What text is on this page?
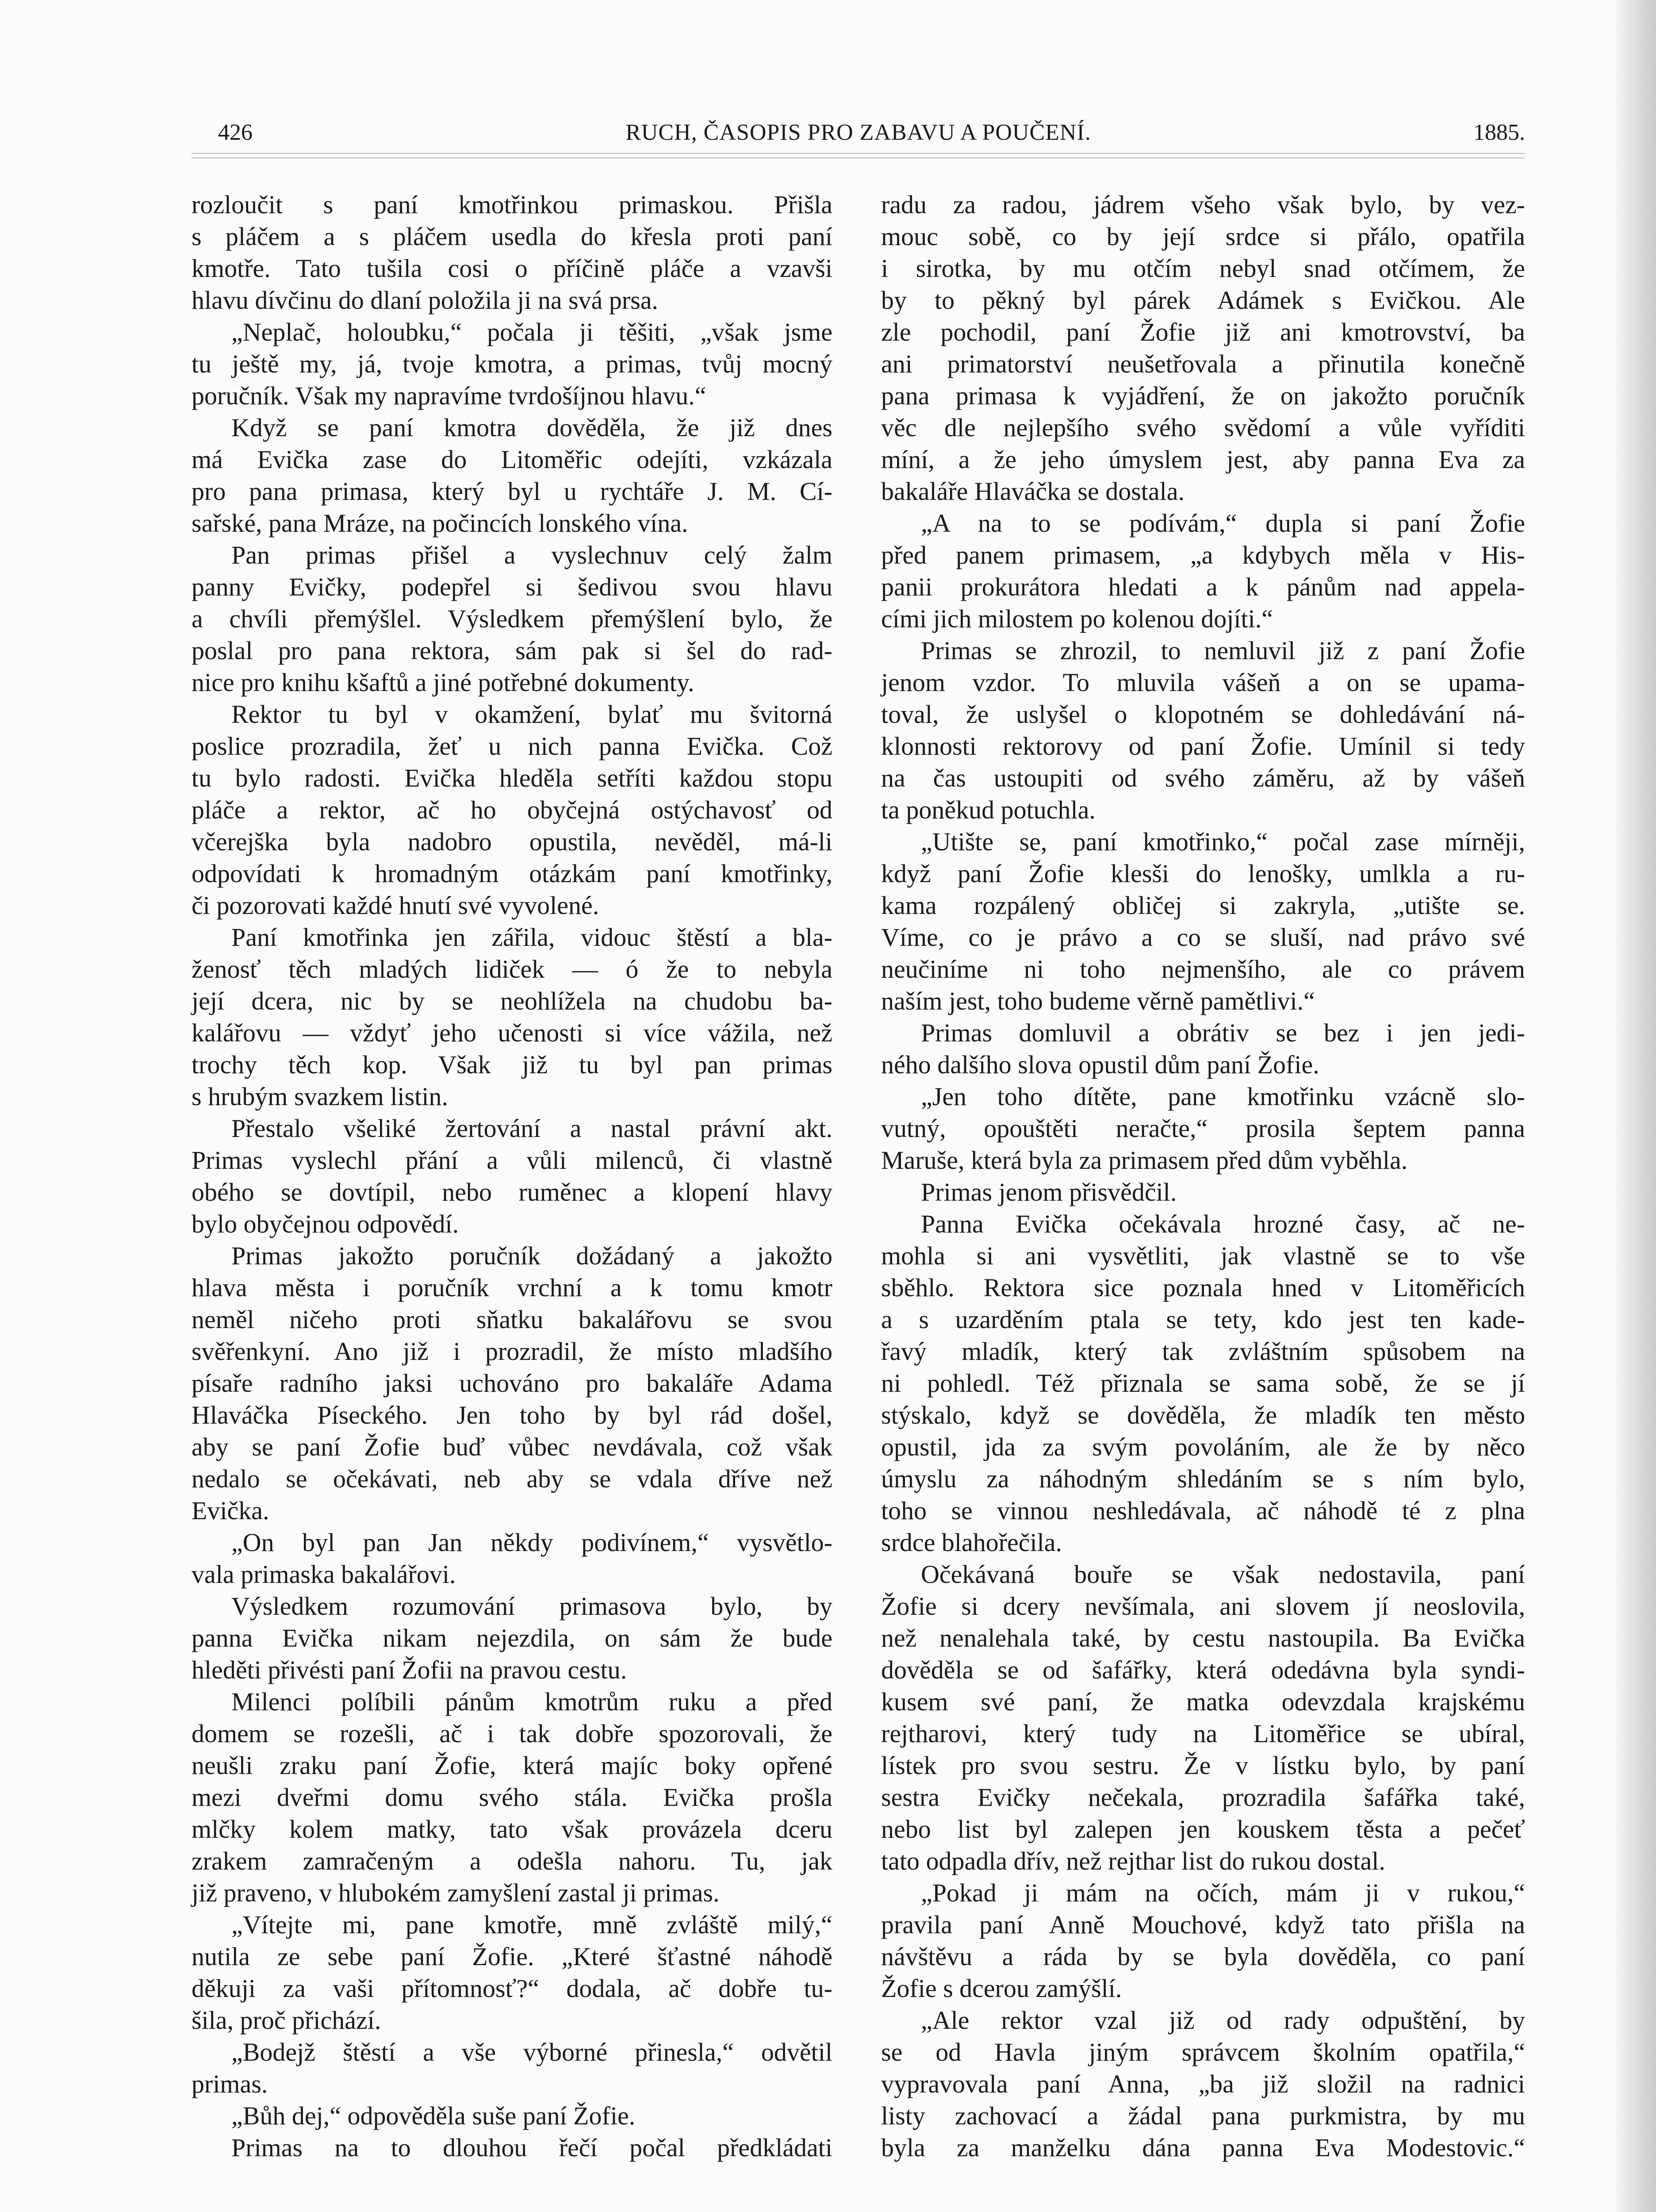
426	RUCH, ČASOPIS PRO ZABAVU A POUČENÍ.	1885.
rozloučit s paní kmotřinkou primaskou. Přišla
s pláčem a s pláčem usedla do křesla proti paní
kmotře. Tato tušila cosi o příčině pláče a vzavši
hlavu dívčinu do dlaní položila ji na svá prsa.
„Neplač, holoubku,“ počala ji těšiti, „však jsme
tu ještě my, já, tvoje kmotra, a primas, tvůj mocný
poručník. Však my napravíme tvrdošíjnou hlavu.“
Když se paní kmotra dověděla, že již dnes
má Evička zase do Litoměřic odejíti, vzkázala
pro pana primasa, který byl u rychtáře J. M. Cí-
sařské, pana Mráze, na počincích lonského vína.
Pan primas přišel a vyslechnuv celý žalm
panny Evičky, podepřel si šedivou svou hlavu
a chvíli přemýšlel. Výsledkem přemýšlení bylo, že
poslal pro pana rektora, sám pak si šel do rad-
nice pro knihu kšaftů a jiné potřebné dokumenty.
Rektor tu byl v okamžení, bylať mu švitorná
poslice prozradila, žeť u nich panna Evička. Což
tu bylo radosti. Evička hleděla setříti každou stopu
pláče a rektor, ač ho obyčejná ostýchavosť od
včerejška byla nadobro opustila, nevěděl, má-li
odpovídati k hromadným otázkám paní kmotřinky,
či pozorovati každé hnutí své vyvolené.
Paní kmotřinka jen zářila, vidouc štěstí a bla-
ženosť těch mladých lidiček — ó že to nebyla
její dcera, nic by se neohlížela na chudobu ba-
kalářovu — vždyť jeho učenosti si více vážila, než
trochy těch kop. Však již tu byl pan primas
s hrubým svazkem listin.
Přestalo všeliké žertování a nastal právní akt.
Primas vyslechl přání a vůli milenců, či vlastně
obého se dovtípil, nebo ruměnec a klopení hlavy
bylo obyčejnou odpovědí.
Primas jakožto poručník dožádaný a jakožto
hlava města i poručník vrchní a k tomu kmotr
neměl ničeho proti sňatku bakalářovu se svou
svěřenkyní. Ano již i prozradil, že místo mladšího
písaře radního jaksi uchováno pro bakaláře Adama
Hlaváčka Píseckého. Jen toho by byl rád došel,
aby se paní Žofie buď vůbec nevdávala, což však
nedalo se očekávati, neb aby se vdala dříve než
Evička.
„On byl pan Jan někdy podivínem,“ vysvětlo-
vala primaska bakalářovi.
Výsledkem rozumování primasova bylo, by
panna Evička nikam nejezdila, on sám že bude
hleděti přivésti paní Žofii na pravou cestu.
Milenci políbili pánům kmotrům ruku a před
domem se rozešli, ač i tak dobře spozorovali, že
neušli zraku paní Žofie, která majíc boky opřené
mezi dveřmi domu svého stála. Evička prošla
mlčky kolem matky, tato však provázela dceru
zrakem zamračeným a odešla nahoru. Tu, jak
již praveno, v hlubokém zamyšlení zastal ji primas.
„Vítejte mi, pane kmotře, mně zvláště milý,“
nutila ze sebe paní Žofie. „Které šťastné náhodě
děkuji za vaši přítomnosť?“ dodala, ač dobře tu-
šila, proč přichází.
„Bodejž štěstí a vše výborné přinesla,“ odvětil
primas.
„Bůh dej,“ odpověděla suše paní Žofie.
Primas na to dlouhou řečí počal předkládati
radu za radou, jádrem všeho však bylo, by vez-
mouc sobě, co by její srdce si přálo, opatřila
i sirotka, by mu otčím nebyl snad otčímem, že
by to pěkný byl párek Adámek s Evičkou. Ale
zle pochodil, paní Žofie již ani kmotrovství, ba
ani primatorství neušetřovala a přinutila konečně
pana primasa k vyjádření, že on jakožto poručník
věc dle nejlepšího svého svědomí a vůle vyříditi
míní, a že jeho úmyslem jest, aby panna Eva za
bakaláře Hlaváčka se dostala.
„A na to se podívám,“ dupla si paní Žofie
před panem primasem, „a kdybych měla v His-
panii prokurátora hledati a k pánům nad appela-
cími jich milostem po kolenou dojíti.“
Primas se zhrozil, to nemluvil již z paní Žofie
jenom vzdor. To mluvila vášeň a on se upama-
toval, že uslyšel o klopotném se dohledávání ná-
klonnosti rektorovy od paní Žofie. Umínil si tedy
na čas ustoupiti od svého záměru, až by vášeň
ta poněkud potuchla.
„Utište se, paní kmotřinko,“ počal zase mírněji,
když paní Žofie klesši do lenošky, umlkla a ru-
kama rozpálený obličej si zakryla, „utište se.
Víme, co je právo a co se sluší, nad právo své
neučiníme ni toho nejmenšího, ale co právem
naším jest, toho budeme věrně pamětlivi.“
Primas domluvil a obrátiv se bez i jen jedi-
ného dalšího slova opustil dům paní Žofie.
„Jen toho dítěte, pane kmotřinku vzácně slo-
vutný, opouštěti neračte,“ prosila šeptem panna
Maruše, která byla za primasem před dům vyběhla.
Primas jenom přisvědčil.
Panna Evička očekávala hrozné časy, ač ne-
mohla si ani vysvětliti, jak vlastně se to vše
sběhlo. Rektora sice poznala hned v Litoměřicích
a s uzarděním ptala se tety, kdo jest ten kade-
řavý mladík, který tak zvláštním spůsobem na
ni pohledl. Též přiznala se sama sobě, že se jí
stýskalo, když se dověděla, že mladík ten město
opustil, jda za svým povoláním, ale že by něco
úmyslu za náhodným shledáním se s ním bylo,
toho se vinnou neshledávala, ač náhodě té z plna
srdce blahořečila.
Očekávaná bouře se však nedostavila, paní
Žofie si dcery nevšímala, ani slovem jí neoslovila,
než nenalehala také, by cestu nastoupila. Ba Evička
dověděla se od šafářky, která odedávna byla syndi-
kusem své paní, že matka odevzdala krajskému
rejtharovi, který tudy na Litoměřice se ubíral,
lístek pro svou sestru. Že v lístku bylo, by paní
sestra Evičky nečekala, prozradila šafářka také,
nebo list byl zalepen jen kouskem těsta a pečeť
tato odpadla dřív, než rejthar list do rukou dostal.
„Pokad ji mám na očích, mám ji v rukou,“
pravila paní Anně Mouchové, když tato přišla na
návštěvu a ráda by se byla dověděla, co paní
Žofie s dcerou zamýšlí.
„Ale rektor vzal již od rady odpuštění, by
se od Havla jiným správcem školním opatřila,“
vypravovala paní Anna, „ba již složil na radnici
listy zachovací a žádal pana purkmistra, by mu
byla za manželku dána panna Eva Modestovic.“
